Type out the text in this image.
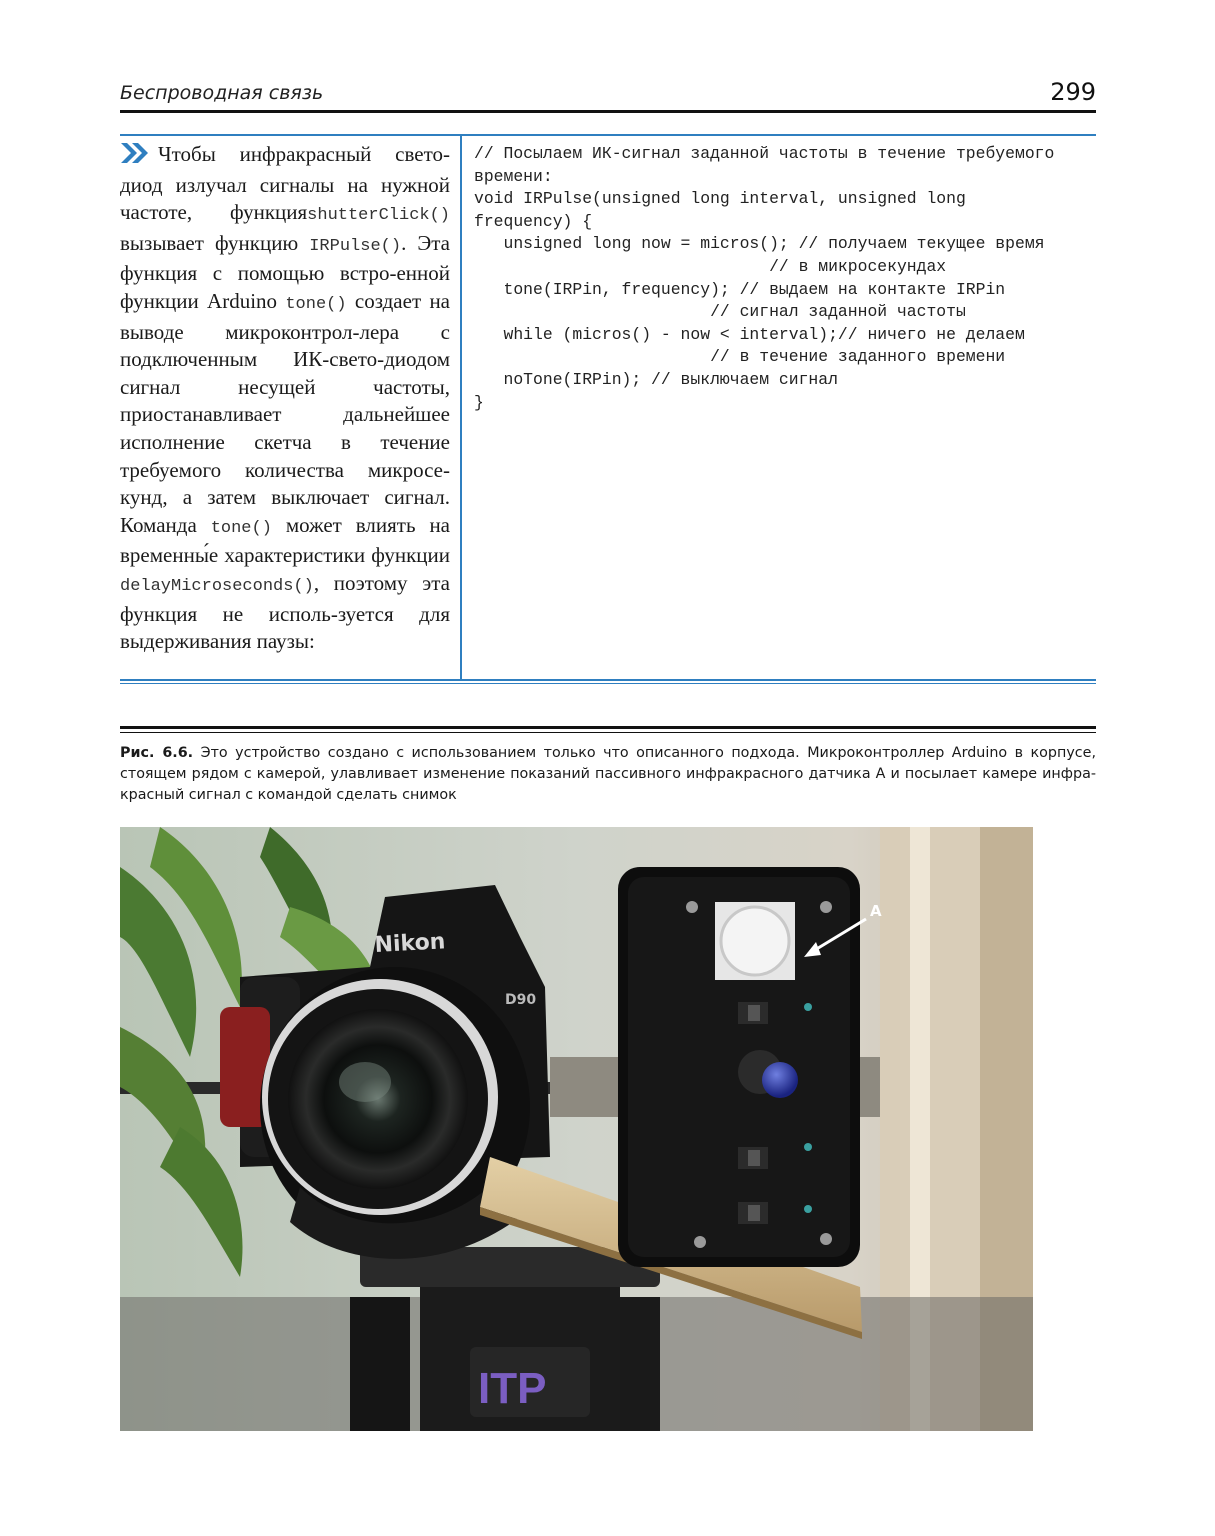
Беспроводная связь	299
Чтобы инфракрасный свето-диод излучал сигналы на нужной частоте, функцияshutterClick() вызывает функцию IRPulse(). Эта функция с помощью встро-енной функции Arduino tone() создает на выводе микроконтрол-лера с подключенным ИК-свето-диодом сигнал несущей частоты, приостанавливает дальнейшее исполнение скетча в течение требуемого количества микросе-кунд, а затем выключает сигнал. Команда tone() может влиять на временны́е характеристики функции delayMicroseconds(), поэтому эта функция не исполь-зуется для выдерживания паузы:
// Посылаем ИК-сигнал заданной частоты в течение требуемого
времени:
void IRPulse(unsigned long interval, unsigned long
frequency) {
unsigned long now = micros(); // получаем текущее время
// в микросекундах
tone(IRPin, frequency); // выдаем на контакте IRPin
// сигнал заданной частоты
while (micros() - now < interval);// ничего не делаем
// в течение заданного времени
noTone(IRPin); // выключаем сигнал
}
Рис. 6.6. Это устройство создано с использованием только что описанного подхода. Микроконтроллер Arduino в корпусе, стоящем рядом с камерой, улавливает изменение показаний пассивного инфракрасного датчика A и посылает камере инфра-красный сигнал с командой сделать снимок
ITP
Nikon
D90
A
